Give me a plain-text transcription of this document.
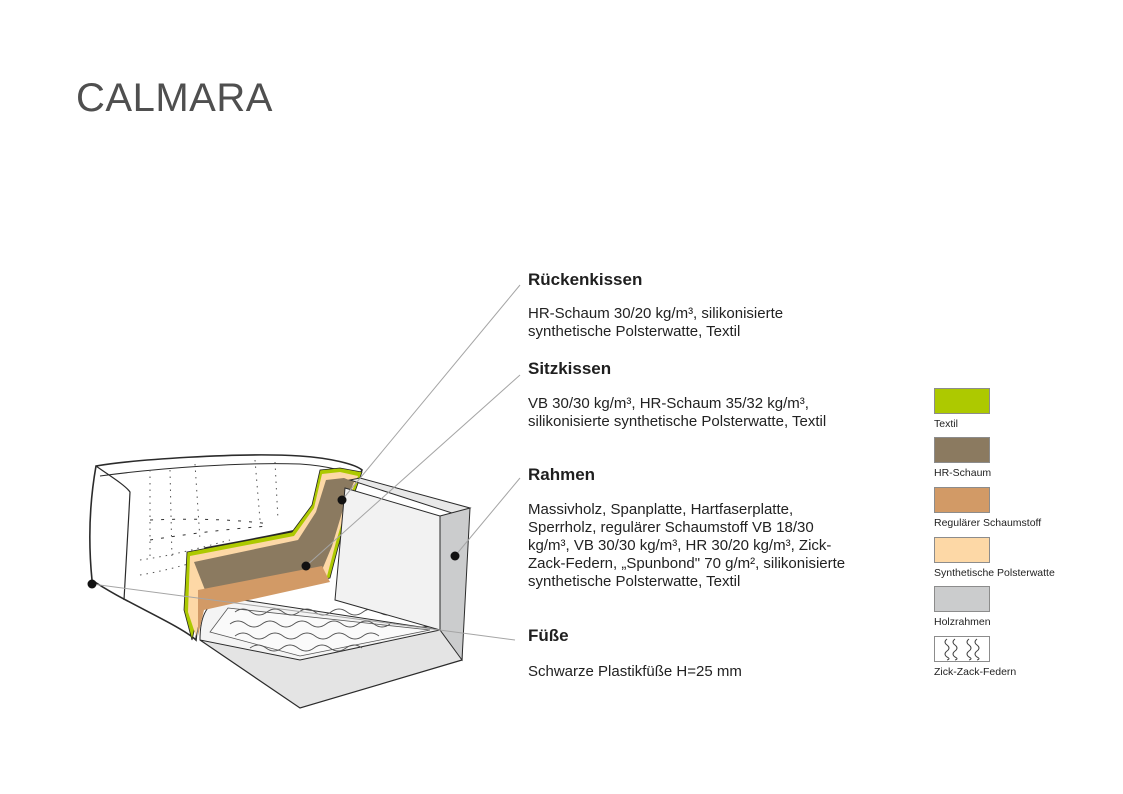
CALMARA
Rückenkissen

HR-Schaum 30/20 kg/m³, silikonisierte synthetische Polsterwatte, Textil

Sitzkissen

VB 30/30 kg/m³, HR-Schaum 35/32 kg/m³, silikonisierte synthetische Polsterwatte, Textil

Rahmen

Massivholz, Spanplatte, Hartfaserplatte, Sperrholz, regulärer Schaumstoff VB 18/30 kg/m³, VB 30/30 kg/m³, HR 30/20 kg/m³, Zick-Zack-Federn, „Spunbond" 70 g/m², silikonisierte synthetische Polsterwatte, Textil

Füße

Schwarze Plastikfüße H=25 mm

Textil
HR-Schaum
Regulärer Schaumstoff
Synthetische Polsterwatte
Holzrahmen
Zick-Zack-Federn
